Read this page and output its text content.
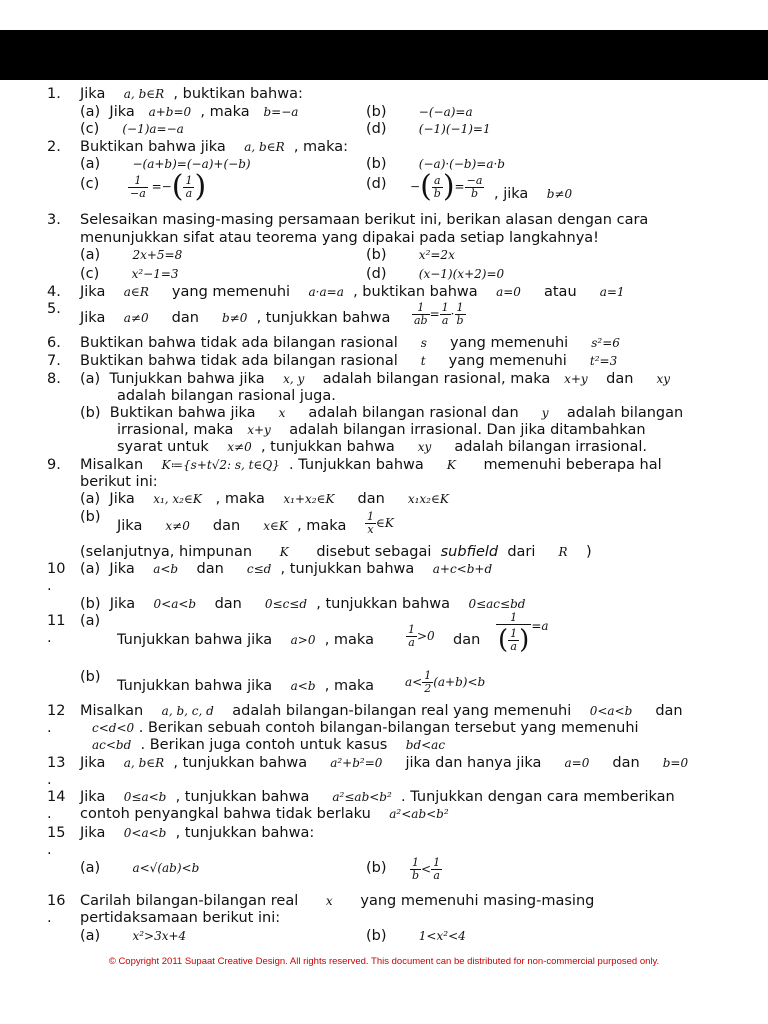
1. Jika a, b∈R , buktikan bahwa:
(a) Jika a+b=0 , maka b=−a	(b)	−(−a)=a
(c) (−1)a=−a	(d)	(−1)(−1)=1
2. Buktikan bahwa jika a, b∈R , maka:
(a)	−(a+b)=(−a)+(−b)	(b)	(−a)·(−b)=a·b
(c)	$\frac{1}{-a}$ =−( $\frac{1}{a}$ )	(d) −( $\frac{a}{b}$ )= $\frac{-a}{b}$ , jika b≠0
3. Selesaikan masing-masing persamaan berikut ini, berikan alasan dengan cara
menunjukkan sifat atau teorema yang dipakai pada setiap langkahnya!
(a)	2x+5=8	(b)	x²=2x
(c)	x²−1=3	(d)	(x−1)(x+2)=0
4. Jika a∈R yang memenuhi a·a=a , buktikan bahwa a=0 atau a=1
5.
Jika a≠0 dan b≠0 , tunjukkan bahwa $\frac{1}{ab} = \frac{1}{a} \cdot \frac{1}{b}$
6. Buktikan bahwa tidak ada bilangan rasional s yang memenuhi s²=6
7. Buktikan bahwa tidak ada bilangan rasional t yang memenuhi t²=3
8. (a) Tunjukkan bahwa jika x, y adalah bilangan rasional, maka x+y dan xy
adalah bilangan rasional juga.
(b) Buktikan bahwa jika x adalah bilangan rasional dan y adalah bilangan
irrasional, maka x+y adalah bilangan irrasional. Dan jika ditambahkan
syarat untuk x≠0 , tunjukkan bahwa xy adalah bilangan irrasional.
9. Misalkan K≔{s+t√2: s, t∈Q} . Tunjukkan bahwa K memenuhi beberapa hal
berikut ini:
(a) Jika x₁, x₂∈K , maka x₁+x₂∈K dan x₁x₂∈K
(b)
Jika x≠0 dan x∈K , maka	$\frac{1}{x}$ ∈K
(selanjutnya, himpunan K disebut sebagai subfield dari R )
10
.
(a) Jika a<b dan c≤d , tunjukkan bahwa a+c<b+d
(b) Jika 0<a<b dan 0≤c≤d , tunjukkan bahwa 0≤ac≤bd
11
.
(a)
Tunjukkan bahwa jika a>0 , maka	$\frac{1}{a} >0$ dan $\frac{1}{( \frac{1}{a} )} =a$
(b)
Tunjukkan bahwa jika a<b , maka	$a< \frac{1}{2} (a+b)<b$
12
.
Misalkan a, b, c, d adalah bilangan-bilangan real yang memenuhi 0<a<b dan
c<d<0 . Berikan sebuah contoh bilangan-bilangan tersebut yang memenuhi
ac<bd . Berikan juga contoh untuk kasus bd<ac
13
.
Jika a, b∈R , tunjukkan bahwa a²+b²=0 jika dan hanya jika a=0 dan b=0
14
.
Jika 0≤a<b , tunjukkan bahwa a²≤ab<b² . Tunjukkan dengan cara memberikan
contoh penyangkal bahwa tidak berlaku a²<ab<b²
15
.
Jika 0<a<b , tunjukkan bahwa:
(a)	a<√(ab)<b	$(b) \frac{1}{b} < \frac{1}{a}$
16
.
Carilah bilangan-bilangan real x yang memenuhi masing-masing
pertidaksamaan berikut ini:
(a)	x²>3x+4	(b)	1<x²<4
© Copyright 2011 Supaat Creative Design. All rights reserved. This document can be distributed for non-commercial purposed only.
